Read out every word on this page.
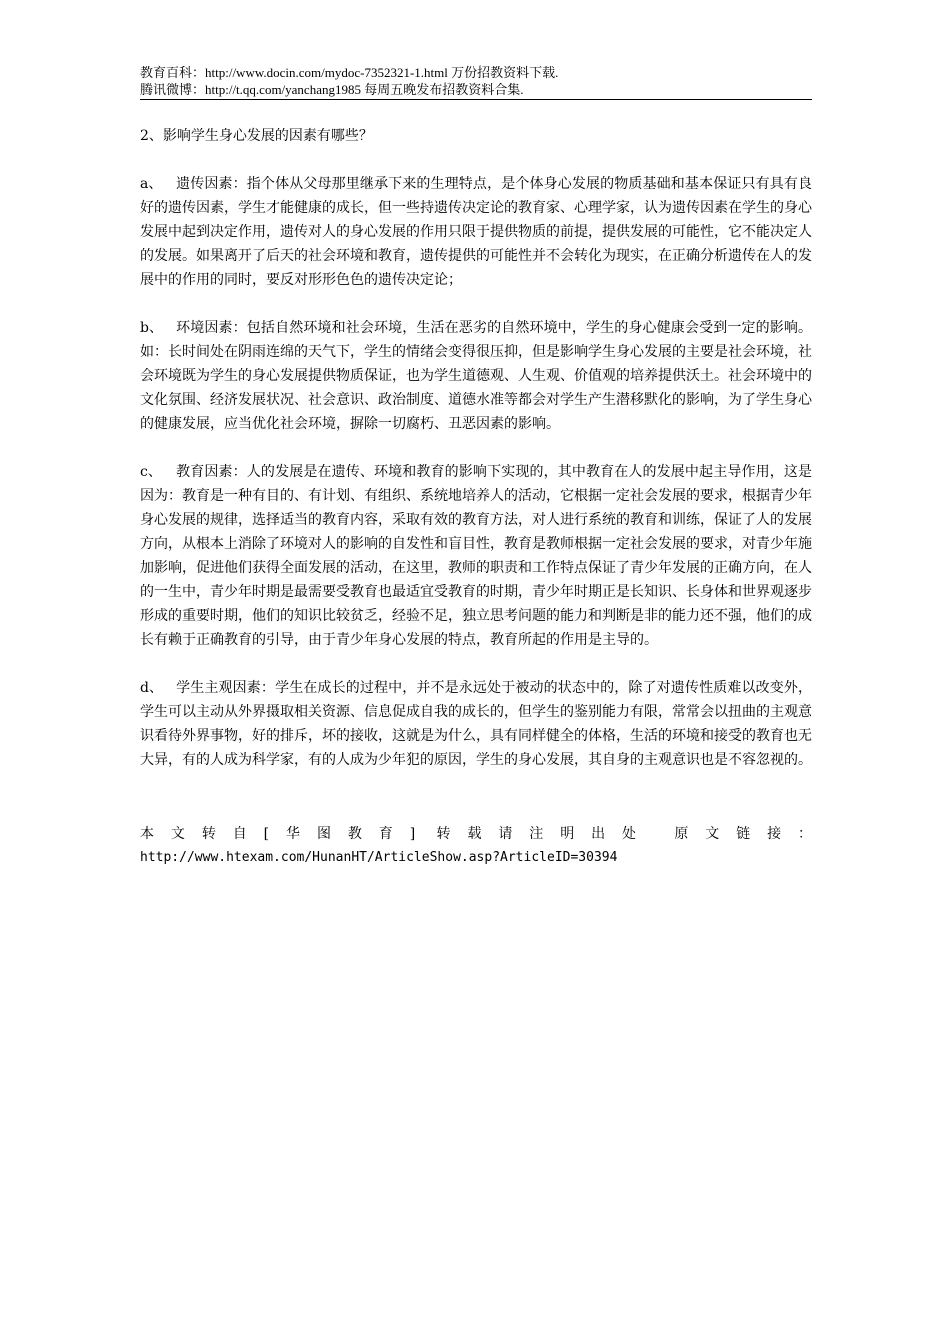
教育百科：http://www.docin.com/mydoc-7352321-1.html 万份招教资料下载.
腾讯微博：http://t.qq.com/yanchang1985 每周五晚发布招教资料合集.
2、影响学生身心发展的因素有哪些？
a、 遗传因素：指个体从父母那里继承下来的生理特点，是个体身心发展的物质基础和基本保证只有具有良好的遗传因素，学生才能健康的成长，但一些持遗传决定论的教育家、心理学家，认为遗传因素在学生的身心发展中起到决定作用，遗传对人的身心发展的作用只限于提供物质的前提，提供发展的可能性，它不能决定人的发展。如果离开了后天的社会环境和教育，遗传提供的可能性并不会转化为现实，在正确分析遗传在人的发展中的作用的同时，要反对形形色色的遗传决定论；
b、 环境因素：包括自然环境和社会环境，生活在恶劣的自然环境中，学生的身心健康会受到一定的影响。如：长时间处在阴雨连绵的天气下，学生的情绪会变得很压抑，但是影响学生身心发展的主要是社会环境，社会环境既为学生的身心发展提供物质保证，也为学生道德观、人生观、价值观的培养提供沃土。社会环境中的文化氛围、经济发展状况、社会意识、政治制度、道德水准等都会对学生产生潜移默化的影响，为了学生身心的健康发展，应当优化社会环境，摒除一切腐朽、丑恶因素的影响。
c、 教育因素：人的发展是在遗传、环境和教育的影响下实现的，其中教育在人的发展中起主导作用，这是因为：教育是一种有目的、有计划、有组织、系统地培养人的活动，它根据一定社会发展的要求，根据青少年身心发展的规律，选择适当的教育内容，采取有效的教育方法，对人进行系统的教育和训练，保证了人的发展方向，从根本上消除了环境对人的影响的自发性和盲目性，教育是教师根据一定社会发展的要求，对青少年施加影响，促进他们获得全面发展的活动，在这里，教师的职责和工作特点保证了青少年发展的正确方向，在人的一生中，青少年时期是最需要受教育也最适宜受教育的时期，青少年时期正是长知识、长身体和世界观逐步形成的重要时期，他们的知识比较贫乏，经验不足，独立思考问题的能力和判断是非的能力还不强，他们的成长有赖于正确教育的引导，由于青少年身心发展的特点，教育所起的作用是主导的。
d、 学生主观因素：学生在成长的过程中，并不是永远处于被动的状态中的，除了对遗传性质难以改变外，学生可以主动从外界摄取相关资源、信息促成自我的成长的，但学生的鉴别能力有限，常常会以扭曲的主观意识看待外界事物，好的排斥，坏的接收，这就是为什么，具有同样健全的体格，生活的环境和接受的教育也无大异，有的人成为科学家，有的人成为少年犯的原因，学生的身心发展，其自身的主观意识也是不容忽视的。
本文转自[华图教育] 转载请注明出处 原文链接：
http://www.htexam.com/HunanHT/ArticleShow.asp?ArticleID=30394
